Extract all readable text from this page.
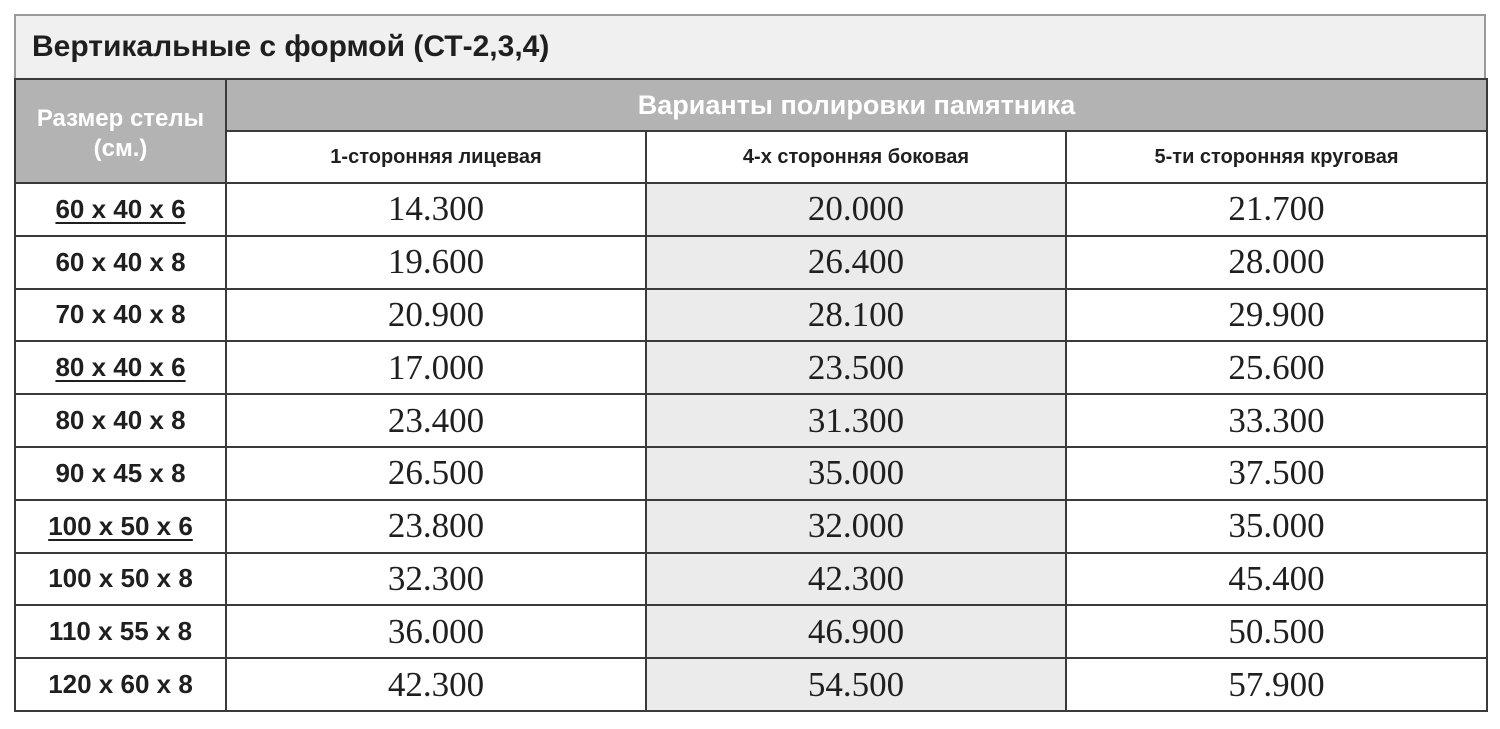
Вертикальные с формой (СТ-2,3,4)
Размер стелы (см.)	Варианты полировки памятника		
	1-сторонняя лицевая	4-х сторонняя боковая	5-ти сторонняя круговая
60 x 40 x 6	14.300	20.000	21.700
60 x 40 x 8	19.600	26.400	28.000
70 x 40 x 8	20.900	28.100	29.900
80 x 40 x 6	17.000	23.500	25.600
80 x 40 x 8	23.400	31.300	33.300
90 x 45 x 8	26.500	35.000	37.500
100 x 50 x 6	23.800	32.000	35.000
100 x 50 x 8	32.300	42.300	45.400
110 x 55 x 8	36.000	46.900	50.500
120 x 60 x 8	42.300	54.500	57.900
